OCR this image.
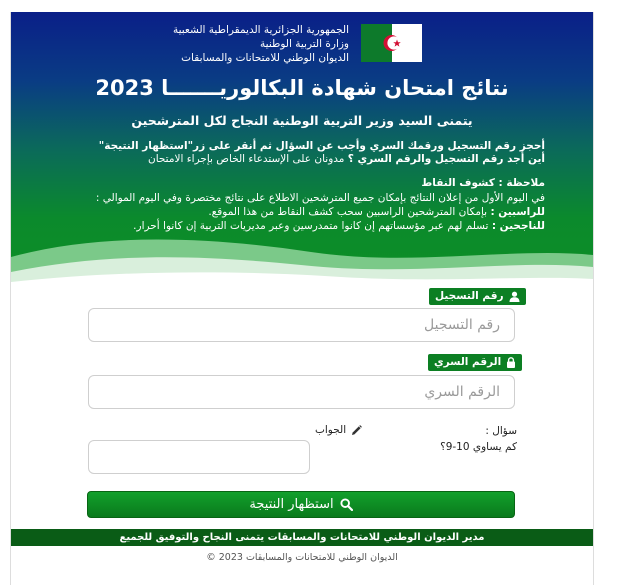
الجمهورية الجزائرية الديمقراطية الشعبية
وزارة التربية الوطنية
الديوان الوطني للامتحانات والمسابقات
نتائج امتحان شهادة البكالوريـــــــا 2023
يتمنى السيد وزير التربية الوطنية النجاح لكل المترشحين
أحجز رقم التسجيل ورقمك السري وأجب عن السؤال ثم أنقر على زر"استظهار النتيجة"
أين أجد رقم التسجيل والرقم السري ؟ مدونان على الإستدعاء الخاص بإجراء الامتحان
ملاحظة : كشوف النقاط
في اليوم الأول من إعلان النتائج بإمكان جميع المترشحين الاطلاع على نتائج مختصرة وفي اليوم الموالي :
للراسبين : بإمكان المترشحين الراسبين سحب كشف النقاط من هذا الموقع.
للناجحين : تسلم لهم عبر مؤسساتهم إن كانوا متمدرسين وعبر مديريات التربية إن كانوا أحرار.
رقم التسجيل
رقم التسجيل
الرقم السري
سؤال :
كم يساوي 10-9؟
الجواب
استظهار النتيجة
مدير الديوان الوطني للامتحانات والمسابقات يتمنى النجاح والتوفيق للجميع
الديوان الوطني للامتحانات والمسابقات 2023 ©
